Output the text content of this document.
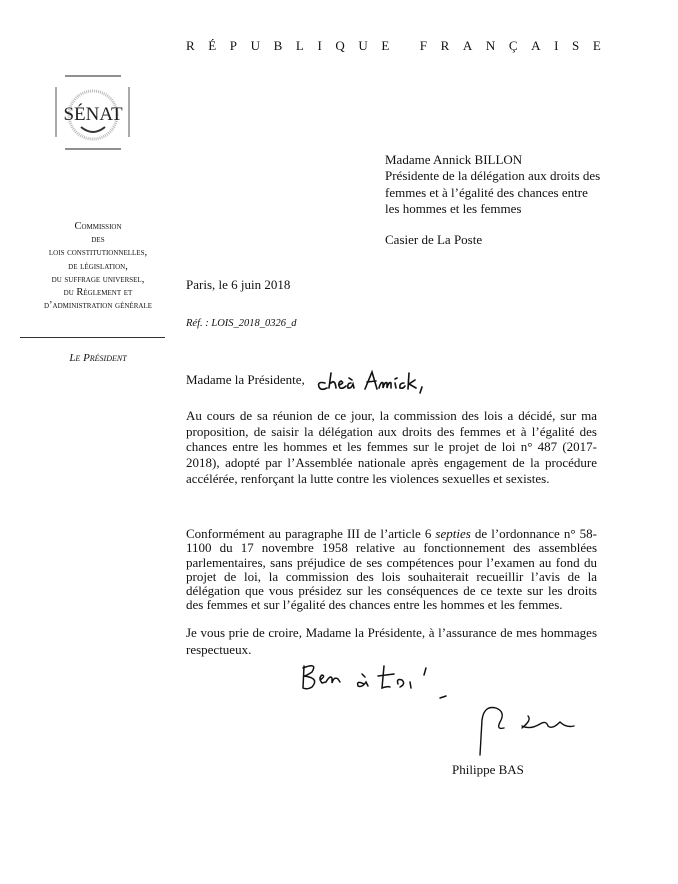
RÉPUBLIQUE FRANÇAISE
SÉNAT
Commission
des
lois constitutionnelles,
de législation,
du suffrage universel,
du Règlement et
d’administration générale
Le Président
Madame Annick BILLON
Présidente de la délégation aux droits des
femmes et à l’égalité des chances entre
les hommes et les femmes
Casier de La Poste
Paris, le 6 juin 2018
Réf. : LOIS_2018_0326_d
Madame la Présidente,
Au cours de sa réunion de ce jour, la commission des lois a décidé, sur ma proposition, de saisir la délégation aux droits des femmes et à l’égalité des chances entre les hommes et les femmes sur le projet de loi n° 487 (2017-2018), adopté par l’Assemblée nationale après engagement de la procédure accélérée, renforçant la lutte contre les violences sexuelles et sexistes.
Conformément au paragraphe III de l’article 6 septies de l’ordonnance n° 58-1100 du 17 novembre 1958 relative au fonctionnement des assemblées parlementaires, sans préjudice de ses compétences pour l’examen au fond du projet de loi, la commission des lois souhaiterait recueillir l’avis de la délégation que vous présidez sur les conséquences de ce texte sur les droits des femmes et sur l’égalité des chances entre les hommes et les femmes.
Je vous prie de croire, Madame la Présidente, à l’assurance de mes hommages respectueux.
Philippe BAS
